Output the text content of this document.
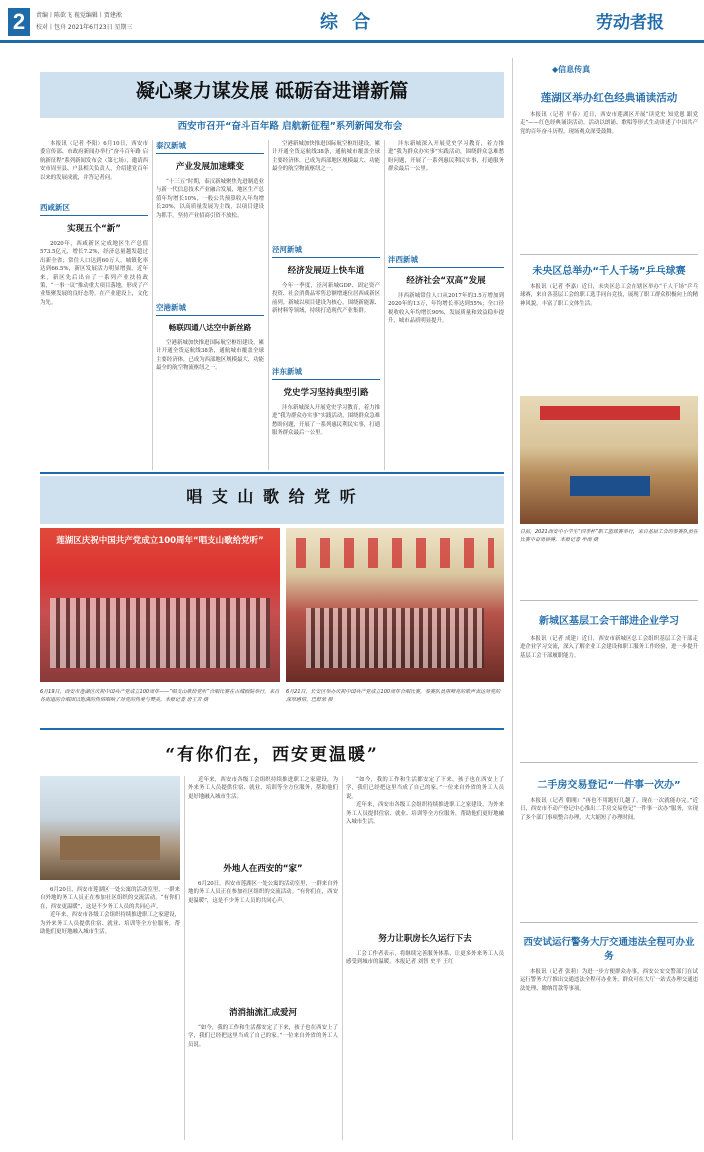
2	责编丨陈欲飞 视觉编辑丨贾建淞
校对丨包舟 2021年6月23日 星期三	综 合	劳动者报
凝心聚力谋发展 砥砺奋进谱新篇
西安市召开“奋斗百年路 启航新征程”系列新闻发布会
◆信息传真
莲湖区举办红色经典诵读活动

本报讯（记者 平春）近日，西安市莲湖区开展“读党史 知党恩 跟党走”——红色经典诵读活动。活动以朗诵、歌唱等形式生动讲述了中国共产党的百年奋斗历程，现场观众深受鼓舞。

未央区总举办“千人千场”乒乓球赛

本报讯（记者 李嘉）近日，未央区总工会在辖区举办“千人千场”乒乓球赛，来自各基层工会的职工选手同台竞技，展现了职工群众积极向上的精神风貌，丰富了职工文体生活。

日前，2021西安中小学生“四季杯”职工篮球赛举行，来自基层工会的参赛队员在比赛中奋勇拼搏。本报记者 申南 摄
新城区基层工会干部进企业学习

本报讯（记者 成建）近日，西安市新城区总工会组织基层工会干部走进企业学习交流，深入了解企业工会建设和职工服务工作经验，进一步提升基层工会干部履职能力。

二手房交易登记“一件事一次办”

本报讯（记者 朝刚）“再也不用跑好几趟了，现在一次就能办完。”近日，西安市不动产登记中心推出二手房交易登记“一件事一次办”服务，实现了多个部门事项整合办理，大大缩短了办理时间。

西安试运行警务大厅交通违法全程可办业务

本报讯（记者 张莉）为进一步方便群众办事，西安公安交警部门在试运行警务大厅推出交通违法全程可办业务，群众可在大厅一站式办理交通违法处理、缴纳罚款等事项。

本报讯（记者 李阳）6月10日，西安市委宣传部、市政府新闻办举行“奋斗百年路 启航新征程”系列新闻发布会（第七场），邀请西安市周至县、户县相关负责人，介绍建党百年以来的发展成就，并答记者问。

西咸新区
实现五个“新”

2020年，西咸新区完成地区生产总值573.5亿元，增长7.2%，经济总量越发超过出新全省；常住人口达到60万人，城镇化率达到66.5%，新区发展活力明显增强。近年来，新区先后出台了一系列产业扶持政策，“一事一议”推动重大项目落地，形成了产业集聚发展的良好态势。在产业建设上，文化为先。

泰汉新城
产业发展加速蝶变

“十三五”时期，泰汉新城聚焦先进制造业与新一代信息技术产业融合发展，地区生产总值年均增长10%，一般公共预算收入年均增长20%，以高质量发展为主线，以项目建设为抓手，坚持产业招商引资不放松。

空港新城
畅联四通八达空中新丝路

空港新城加快推进国际航空枢纽建设，累计开通全货运航线38条，通航城市覆盖全球主要经济体，已成为西部地区规模最大、功能最全的航空物流枢纽之一。

空港新城加快推进国际航空枢纽建设，累计开通全货运航线38条，通航城市覆盖全球主要经济体，已成为西部地区规模最大、功能最全的航空物流枢纽之一。

泾河新城
经济发展迈上快车道

今年一季度，泾河新城GDP、固定资产投资、社会消费品零售总额增速位居西咸新区前列。新城以项目建设为核心，围绕新能源、新材料等领域，持续打造现代产业集群。

沣东新城
党史学习坚持典型引路

沣东新城深入开展党史学习教育，着力推进“我为群众办实事”实践活动，围绕群众急难愁盼问题，开展了一系列惠民利民实事，打通服务群众最后一公里。

沣东新城深入开展党史学习教育，着力推进“我为群众办实事”实践活动，围绕群众急难愁盼问题，开展了一系列惠民利民实事，打通服务群众最后一公里。

沣西新城
经济社会“双高”发展

沣西新城常住人口从2017年的3.5万增加到2020年的13万，年均增长率达到55%；全口径税收收入年均增长90%，发展质量和效益稳步提升，城市品质明显提升。

唱 支 山 歌 给 党 听
莲湖区庆祝中国共产党成立100周年“唱支山歌给党听”
6月19日，西安市莲湖区庆祝中国共产党成立100周年——“唱支山歌给党听”合唱比赛在古城剧院举行，来自各街道的合唱团以饱满的热情唱响了对党的热爱与赞美。本报记者 唐王吉 摄
6月21日，长安区举办庆祝中国共产党成立100周年合唱比赛，参赛队员用嘹亮的歌声表达对党的深厚感情。巴群荣 摄
“有你们在，西安更温暖”

6月20日，西安市莲湖区一处公寓的活动室里，一群来自外地的务工人员正在参加社区组织的交流活动。“有你们在，西安更温暖”，这是不少务工人员的共同心声。

近年来，西安市各级工会组织持续推进职工之家建设，为外来务工人员提供住宿、就业、培训等全方位服务，帮助他们更好地融入城市生活。

近年来，西安市各级工会组织持续推进职工之家建设，为外来务工人员提供住宿、就业、培训等全方位服务，帮助他们更好地融入城市生活。

外地人在西安的“家”

6月20日，西安市莲湖区一处公寓的活动室里，一群来自外地的务工人员正在参加社区组织的交流活动。“有你们在，西安更温暖”，这是不少务工人员的共同心声。

消消抽流汇成爱河

“如今，我的工作和生活都安定了下来，孩子也在西安上了学，我们已经把这里当成了自己的家。”一位来自外省的务工人员说。

“如今，我的工作和生活都安定了下来，孩子也在西安上了学，我们已经把这里当成了自己的家。”一位来自外省的务工人员说。

近年来，西安市各级工会组织持续推进职工之家建设，为外来务工人员提供住宿、就业、培训等全方位服务，帮助他们更好地融入城市生活。

努力让职房长久运行下去

工会工作者表示，将继续完善服务体系，让更多外来务工人员感受到城市的温暖。本报记者 刘智 史平 王红
